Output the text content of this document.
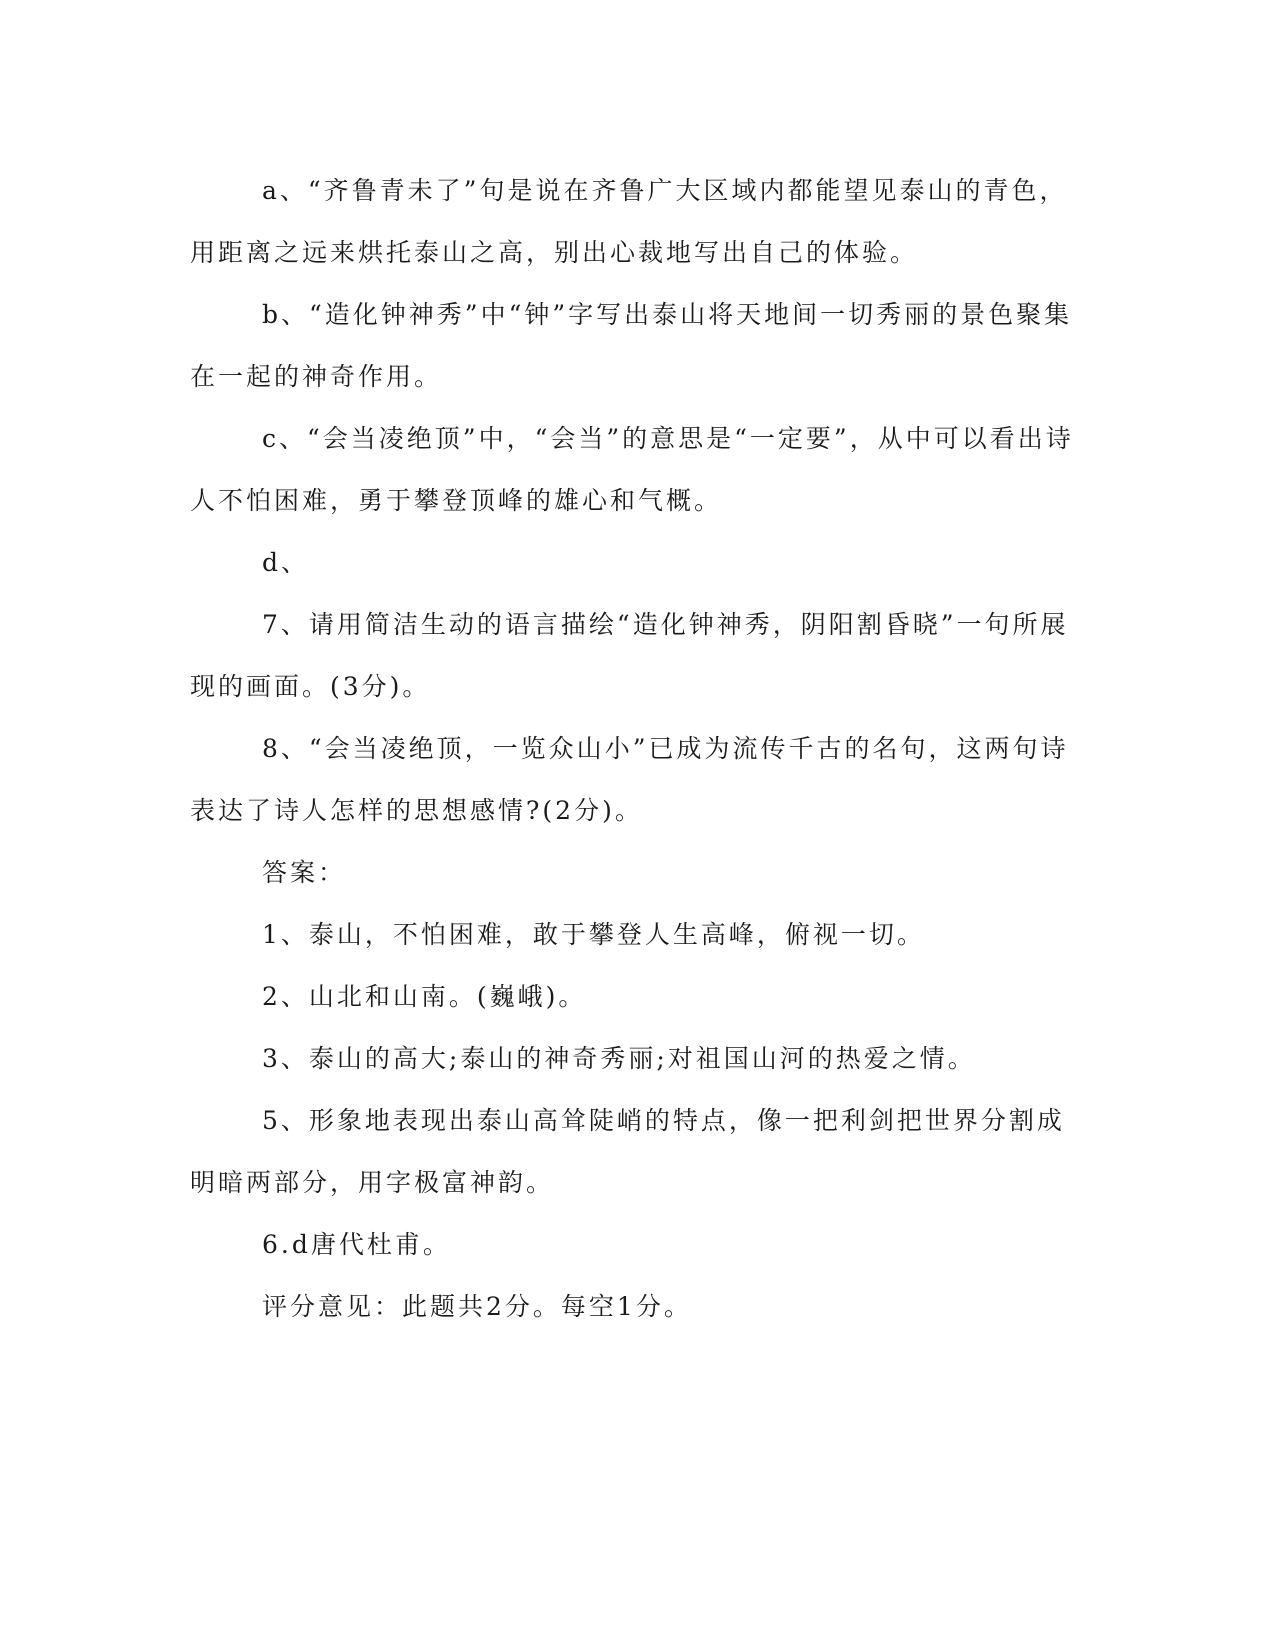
a、“齐鲁青未了”句是说在齐鲁广大区域内都能望见泰山的青色，用距离之远来烘托泰山之高，别出心裁地写出自己的体验。

b、“造化钟神秀”中“钟”字写出泰山将天地间一切秀丽的景色聚集在一起的神奇作用。

c、“会当凌绝顶”中，“会当”的意思是“一定要”，从中可以看出诗人不怕困难，勇于攀登顶峰的雄心和气概。

d、

7、请用简洁生动的语言描绘“造化钟神秀，阴阳割昏晓”一句所展现的画面。(3分)。

8、“会当凌绝顶，一览众山小”已成为流传千古的名句，这两句诗表达了诗人怎样的思想感情?(2分)。

答案：

1、泰山，不怕困难，敢于攀登人生高峰，俯视一切。

2、山北和山南。(巍峨)。

3、泰山的高大;泰山的神奇秀丽;对祖国山河的热爱之情。

5、形象地表现出泰山高耸陡峭的特点，像一把利剑把世界分割成明暗两部分，用字极富神韵。

6.d唐代杜甫。

评分意见：此题共2分。每空1分。
